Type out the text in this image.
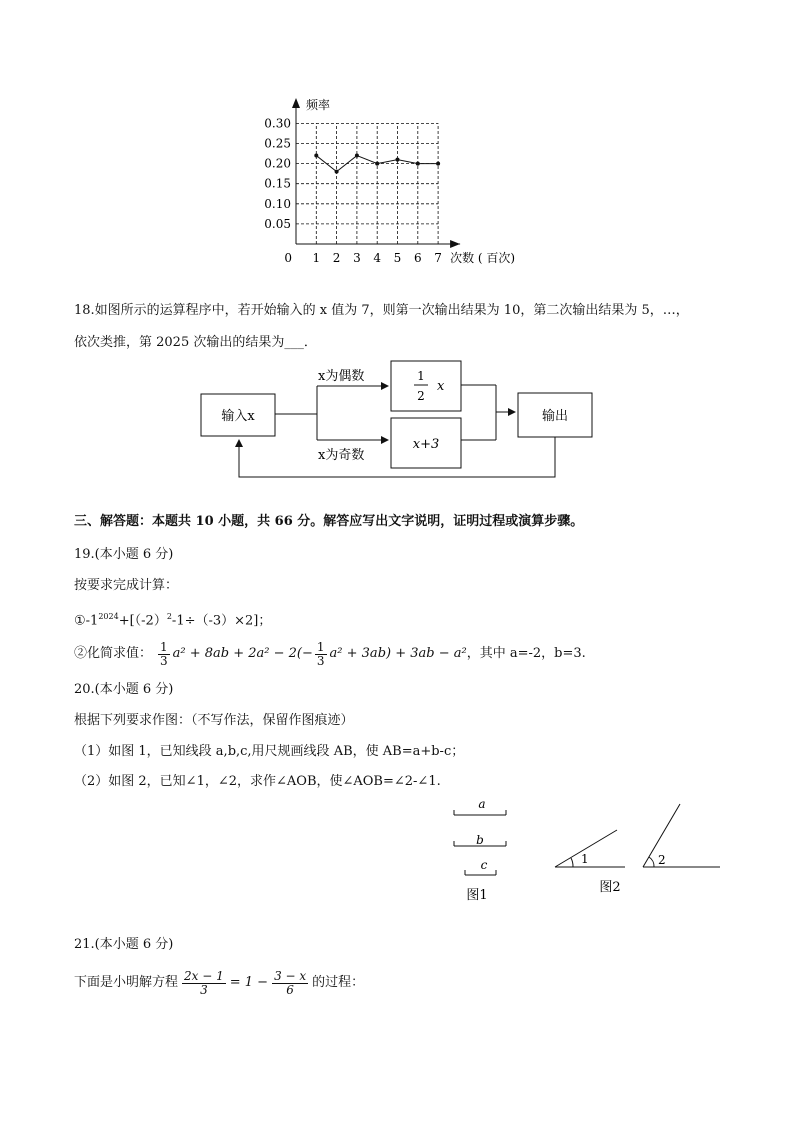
0.05
0.10
0.15
0.20
0.25
0.30
1 2 3 4 5 6 7
0
频率
次数 ( 百次)
18.如图所示的运算程序中，若开始输入的 x 值为 7，则第一次输出结果为 10，第二次输出结果为 5，…，
依次类推，第 2025 次输出的结果为___．
输入x
x为偶数
x为奇数
1
2
x
x+3
输出
三、解答题：本题共 10 小题，共 66 分。解答应写出文字说明，证明过程或演算步骤。
19.(本小题 6 分)
按要求完成计算：
$①-1^{2024}+[(-2)^2-1\div(-3)\times 2]$；
②化简求值： $\frac{1}{3} a^2 + 8ab + 2a^2 - 2(- \frac{1}{3} a^2 + 3ab) + 3ab - a^2$ ，其中 a=-2，b=3.
20.(本小题 6 分)
根据下列要求作图：（不写作法，保留作图痕迹）
（1）如图 1，已知线段 a,b,c,用尺规画线段 AB，使 AB=a+b-c；
（2）如图 2，已知∠1，∠2，求作∠AOB，使∠AOB=∠2-∠1.
a
b
c
图1
1	2
图2
21.(本小题 6 分)
下面是小明解方程 $\frac{2x - 1}{3} = 1 - \frac{3 - x}{6}$ 的过程：
